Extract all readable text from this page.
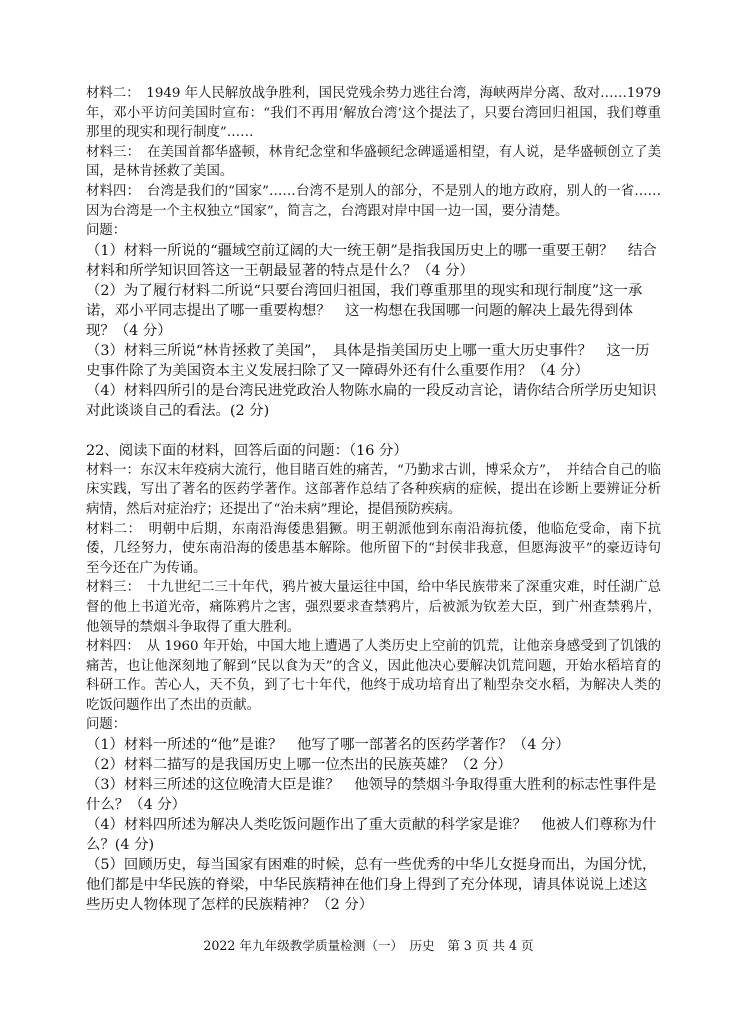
材料二：　1949 年人民解放战争胜利，国民党残余势力逃往台湾，海峡两岸分离、敌对……1979 年，邓小平访问美国时宣布：“我们不再用‘解放台湾’这个提法了，只要台湾回归祖国，我们尊重那里的现实和现行制度”……

材料三：　在美国首都华盛顿，林肯纪念堂和华盛顿纪念碑遥遥相望，有人说，是华盛顿创立了美国，是林肯拯救了美国。

材料四：　台湾是我们的“国家”……台湾不是别人的部分，不是别人的地方政府，别人的一省……因为台湾是一个主权独立“国家”，简言之，台湾跟对岸中国一边一国，要分清楚。

问题：

（1）材料一所说的“疆域空前辽阔的大一统王朝”是指我国历史上的哪一重要王朝？　结合材料和所学知识回答这一王朝最显著的特点是什么？（4 分）

（2）为了履行材料二所说“只要台湾回归祖国，我们尊重那里的现实和现行制度”这一承诺，邓小平同志提出了哪一重要构想？　这一构想在我国哪一问题的解决上最先得到体现？（4 分）

（3）材料三所说“林肯拯救了美国”，　具体是指美国历史上哪一重大历史事件？　这一历史事件除了为美国资本主义发展扫除了又一障碍外还有什么重要作用？（4 分）

（4）材料四所引的是台湾民进党政治人物陈水扁的一段反动言论，请你结合所学历史知识对此谈谈自己的看法。(2 分)

22、阅读下面的材料，回答后面的问题：（16 分）

材料一：东汉末年疫病大流行，他目睹百姓的痛苦，“乃勤求古训，博采众方”，　并结合自己的临床实践，写出了著名的医药学著作。这部著作总结了各种疾病的症候，提出在诊断上要辨证分析病情，然后对症治疗；还提出了“治未病”理论，提倡预防疾病。

材料二：　明朝中后期，东南沿海倭患猖獗。明王朝派他到东南沿海抗倭，他临危受命，南下抗倭，几经努力，使东南沿海的倭患基本解除。他所留下的“封侯非我意，但愿海波平”的豪迈诗句至今还在广为传诵。

材料三：　十九世纪二三十年代，鸦片被大量运往中国，给中华民族带来了深重灾难，时任湖广总督的他上书道光帝，痛陈鸦片之害，强烈要求查禁鸦片，后被派为钦差大臣，到广州查禁鸦片，他领导的禁烟斗争取得了重大胜利。

材料四：　从 1960 年开始，中国大地上遭遇了人类历史上空前的饥荒，让他亲身感受到了饥饿的痛苦，也让他深刻地了解到“民以食为天”的含义，因此他决心要解决饥荒问题，开始水稻培育的科研工作。苦心人，天不负，到了七十年代，他终于成功培育出了籼型杂交水稻，为解决人类的吃饭问题作出了杰出的贡献。

问题：

（1）材料一所述的“他”是谁？　他写了哪一部著名的医药学著作？（4 分）

（2）材料二描写的是我国历史上哪一位杰出的民族英雄？（2 分）

（3）材料三所述的这位晚清大臣是谁？　他领导的禁烟斗争取得重大胜利的标志性事件是什么？（4 分）

（4）材料四所述为解决人类吃饭问题作出了重大贡献的科学家是谁？　他被人们尊称为什么？(4 分)

（5）回顾历史，每当国家有困难的时候，总有一些优秀的中华儿女挺身而出，为国分忧，他们都是中华民族的脊梁，中华民族精神在他们身上得到了充分体现，请具体说说上述这些历史人物体现了怎样的民族精神？（2 分）

2022 年九年级教学质量检测（一）　历史　第 3 页 共 4 页
